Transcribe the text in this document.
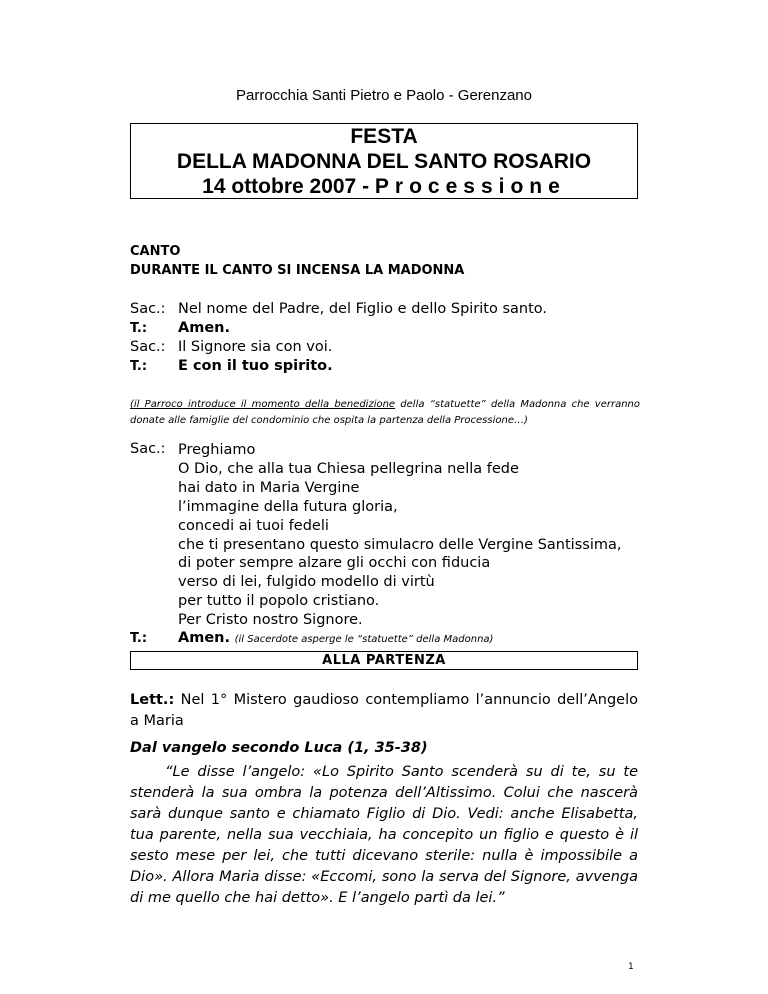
Parrocchia Santi Pietro e Paolo - Gerenzano
FESTA
DELLA MADONNA DEL SANTO ROSARIO
14 ottobre 2007 - Processione
CANTO
DURANTE IL CANTO SI INCENSA LA MADONNA
Sac.: Nel nome del Padre, del Figlio e dello Spirito santo.
T.: Amen.
Sac.: Il Signore sia con voi.
T.: E con il tuo spirito.
(il Parroco introduce il momento della benedizione della “statuette” della Madonna che verranno donate alle famiglie del condominio che ospita la partenza della Processione…)
Sac.: Preghiamo
O Dio, che alla tua Chiesa pellegrina nella fede
hai dato in Maria Vergine
l’immagine della futura gloria,
concedi ai tuoi fedeli
che ti presentano questo simulacro delle Vergine Santissima,
di poter sempre alzare gli occhi con fiducia
verso di lei, fulgido modello di virtù
per tutto il popolo cristiano.
Per Cristo nostro Signore.
T.: Amen. (il Sacerdote asperge le “statuette” della Madonna)
ALLA PARTENZA
Lett.: Nel 1° Mistero gaudioso contempliamo l’annuncio dell’Angelo a Maria
Dal vangelo secondo Luca (1, 35-38)
“Le disse l’angelo: «Lo Spirito Santo scenderà su di te, su te stenderà la sua ombra la potenza dell’Altissimo. Colui che nascerà sarà dunque santo e chiamato Figlio di Dio. Vedi: anche Elisabetta, tua parente, nella sua vecchiaia, ha concepito un figlio e questo è il sesto mese per lei, che tutti dicevano sterile: nulla è impossibile a Dio». Allora Maria disse: «Eccomi, sono la serva del Signore, avvenga di me quello che hai detto». E l’angelo partì da lei.”
1
